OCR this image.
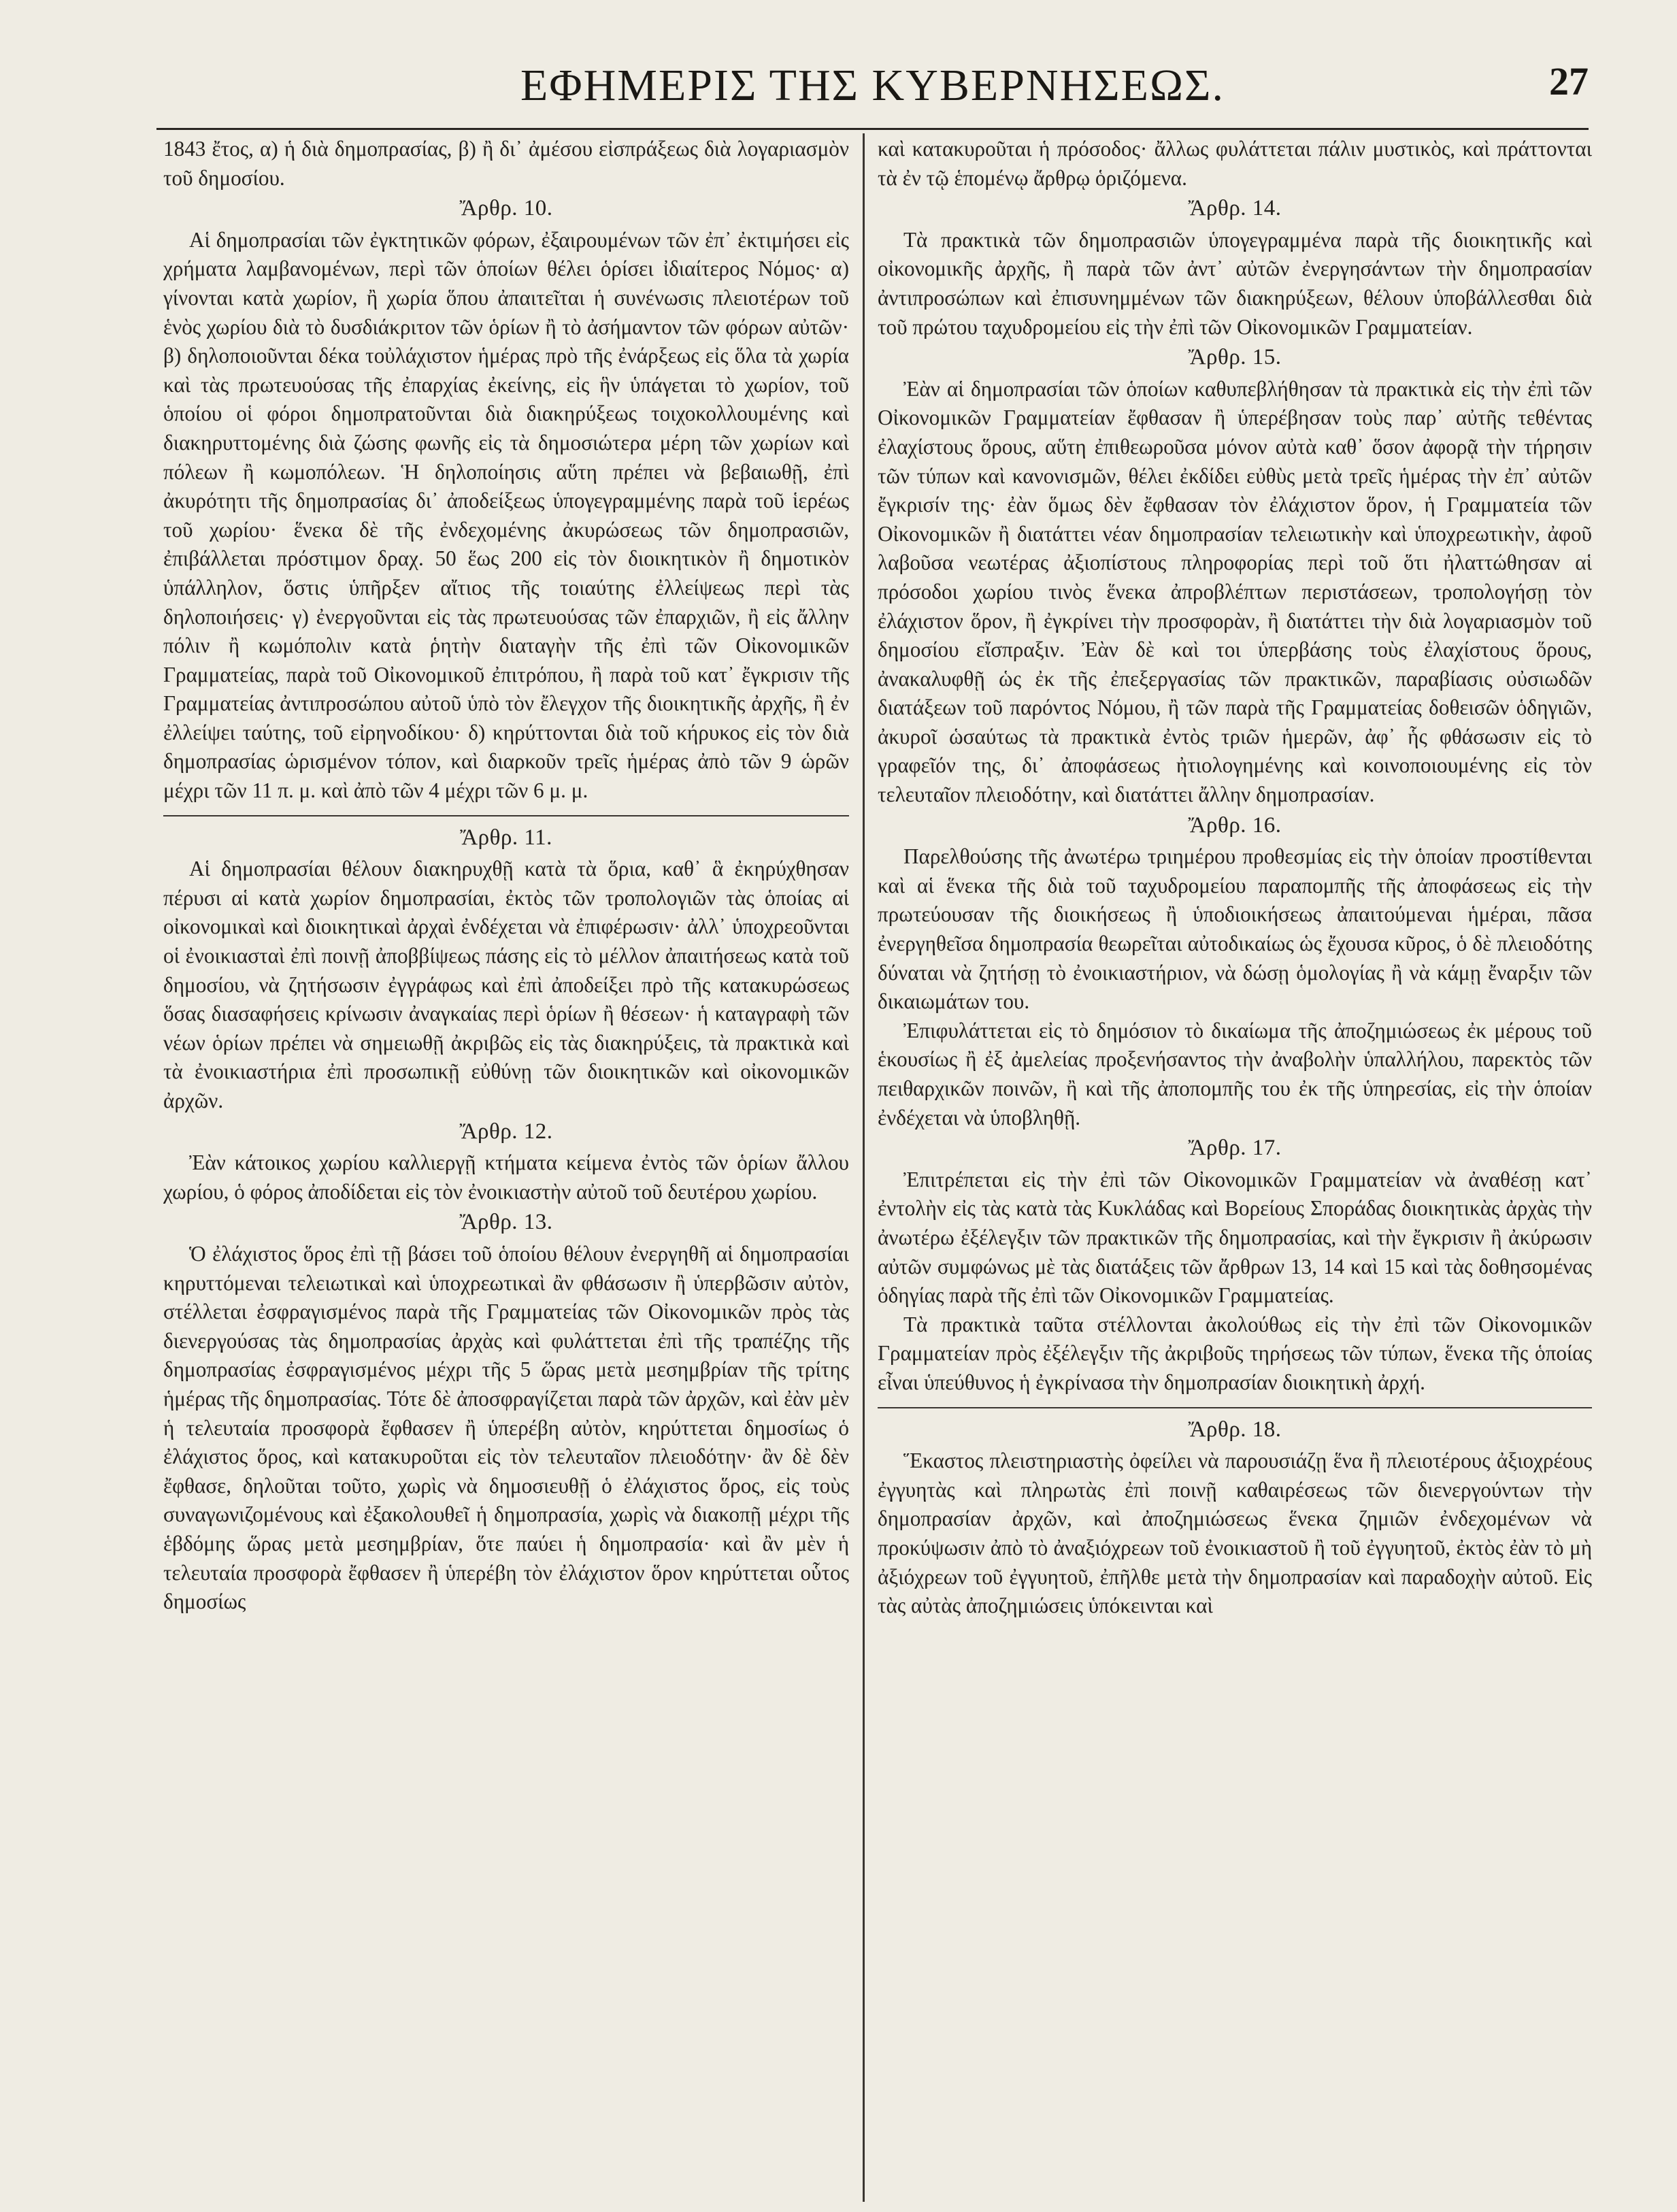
ΕΦΗΜΕΡΙΣ ΤΗΣ ΚΥΒΕΡΝΗΣΕΩΣ.	27

1843 ἔτος, α) ἡ διὰ δημοπρασίας, β) ἢ δι᾽ ἀμέσου εἰσπράξεως διὰ λογαριασμὸν τοῦ δημοσίου.

Ἄρθρ. 10.

Αἱ δημοπρασίαι τῶν ἐγκτητικῶν φόρων, ἐξαιρουμένων τῶν ἐπ᾽ ἐκτιμήσει εἰς χρήματα λαμβανομένων, περὶ τῶν ὁποίων θέλει ὁρίσει ἰδιαίτερος Νόμος· α) γίνονται κατὰ χωρίον, ἢ χωρία ὅπου ἀπαιτεῖται ἡ συνένωσις πλειοτέρων τοῦ ἑνὸς χωρίου διὰ τὸ δυσδιάκριτον τῶν ὁρίων ἢ τὸ ἀσήμαντον τῶν φόρων αὐτῶν· β) δηλοποιοῦνται δέκα τοὐλάχιστον ἡμέρας πρὸ τῆς ἐνάρξεως εἰς ὅλα τὰ χωρία καὶ τὰς πρωτευούσας τῆς ἐπαρχίας ἐκείνης, εἰς ἣν ὑπάγεται τὸ χωρίον, τοῦ ὁποίου οἱ φόροι δημοπρατοῦνται διὰ διακηρύξεως τοιχοκολλουμένης καὶ διακηρυττομένης διὰ ζώσης φωνῆς εἰς τὰ δημοσιώτερα μέρη τῶν χωρίων καὶ πόλεων ἢ κωμοπόλεων. Ἡ δηλοποίησις αὕτη πρέπει νὰ βεβαιωθῇ, ἐπὶ ἀκυρότητι τῆς δημοπρασίας δι᾽ ἀποδείξεως ὑπογεγραμμένης παρὰ τοῦ ἱερέως τοῦ χωρίου· ἕνεκα δὲ τῆς ἐνδεχομένης ἀκυρώσεως τῶν δημοπρασιῶν, ἐπιβάλλεται πρόστιμον δραχ. 50 ἕως 200 εἰς τὸν διοικητικὸν ἢ δημοτικὸν ὑπάλληλον, ὅστις ὑπῆρξεν αἴτιος τῆς τοιαύτης ἐλλείψεως περὶ τὰς δηλοποιήσεις· γ) ἐνεργοῦνται εἰς τὰς πρωτευούσας τῶν ἐπαρχιῶν, ἢ εἰς ἄλλην πόλιν ἢ κωμόπολιν κατὰ ῥητὴν διαταγὴν τῆς ἐπὶ τῶν Οἰκονομικῶν Γραμματείας, παρὰ τοῦ Οἰκονομικοῦ ἐπιτρόπου, ἢ παρὰ τοῦ κατ᾽ ἔγκρισιν τῆς Γραμματείας ἀντιπροσώπου αὐτοῦ ὑπὸ τὸν ἔλεγχον τῆς διοικητικῆς ἀρχῆς, ἢ ἐν ἐλλείψει ταύτης, τοῦ εἰρηνοδίκου· δ) κηρύττονται διὰ τοῦ κήρυκος εἰς τὸν διὰ δημοπρασίας ὡρισμένον τόπον, καὶ διαρκοῦν τρεῖς ἡμέρας ἀπὸ τῶν 9 ὡρῶν μέχρι τῶν 11 π. μ. καὶ ἀπὸ τῶν 4 μέχρι τῶν 6 μ. μ.

Ἄρθρ. 11.

Αἱ δημοπρασίαι θέλουν διακηρυχθῇ κατὰ τὰ ὅρια, καθ᾽ ἃ ἐκηρύχθησαν πέρυσι αἱ κατὰ χωρίον δημοπρασίαι, ἐκτὸς τῶν τροπολογιῶν τὰς ὁποίας αἱ οἰκονομικαὶ καὶ διοικητικαὶ ἀρχαὶ ἐνδέχεται νὰ ἐπιφέρωσιν· ἀλλ᾽ ὑποχρεοῦνται οἱ ἐνοικιασταὶ ἐπὶ ποινῇ ἀποββίψεως πάσης εἰς τὸ μέλλον ἀπαιτήσεως κατὰ τοῦ δημοσίου, νὰ ζητήσωσιν ἐγγράφως καὶ ἐπὶ ἀποδείξει πρὸ τῆς κατακυρώσεως ὅσας διασαφήσεις κρίνωσιν ἀναγκαίας περὶ ὁρίων ἢ θέσεων· ἡ καταγραφὴ τῶν νέων ὁρίων πρέπει νὰ σημειωθῇ ἀκριβῶς εἰς τὰς διακηρύξεις, τὰ πρακτικὰ καὶ τὰ ἐνοικιαστήρια ἐπὶ προσωπικῇ εὐθύνῃ τῶν διοικητικῶν καὶ οἰκονομικῶν ἀρχῶν.

Ἄρθρ. 12.

Ἐὰν κάτοικος χωρίου καλλιεργῇ κτήματα κείμενα ἐντὸς τῶν ὁρίων ἄλλου χωρίου, ὁ φόρος ἀποδίδεται εἰς τὸν ἐνοικιαστὴν αὐτοῦ τοῦ δευτέρου χωρίου.

Ἄρθρ. 13.

Ὁ ἐλάχιστος ὅρος ἐπὶ τῇ βάσει τοῦ ὁποίου θέλουν ἐνεργηθῆ αἱ δημοπρασίαι κηρυττόμεναι τελειωτικαὶ καὶ ὑποχρεωτικαὶ ἂν φθάσωσιν ἢ ὑπερβῶσιν αὐτὸν, στέλλεται ἐσφραγισμένος παρὰ τῆς Γραμματείας τῶν Οἰκονομικῶν πρὸς τὰς διενεργούσας τὰς δημοπρασίας ἀρχὰς καὶ φυλάττεται ἐπὶ τῆς τραπέζης τῆς δημοπρασίας ἐσφραγισμένος μέχρι τῆς 5 ὥρας μετὰ μεσημβρίαν τῆς τρίτης ἡμέρας τῆς δημοπρασίας. Τότε δὲ ἀποσφραγίζεται παρὰ τῶν ἀρχῶν, καὶ ἐὰν μὲν ἡ τελευταία προσφορὰ ἔφθασεν ἢ ὑπερέβη αὐτὸν, κηρύττεται δημοσίως ὁ ἐλάχιστος ὅρος, καὶ κατακυροῦται εἰς τὸν τελευταῖον πλειοδότην· ἂν δὲ δὲν ἔφθασε, δηλοῦται τοῦτο, χωρὶς νὰ δημοσιευθῇ ὁ ἐλάχιστος ὅρος, εἰς τοὺς συναγωνιζομένους καὶ ἐξακολουθεῖ ἡ δημοπρασία, χωρὶς νὰ διακοπῇ μέχρι τῆς ἑβδόμης ὥρας μετὰ μεσημβρίαν, ὅτε παύει ἡ δημοπρασία· καὶ ἂν μὲν ἡ τελευταία προσφορὰ ἔφθασεν ἢ ὑπερέβη τὸν ἐλάχιστον ὅρον κηρύττεται οὗτος δημοσίως

καὶ κατακυροῦται ἡ πρόσοδος· ἄλλως φυλάττεται πάλιν μυστικὸς, καὶ πράττονται τὰ ἐν τῷ ἑπομένῳ ἄρθρῳ ὁριζόμενα.

Ἄρθρ. 14.

Τὰ πρακτικὰ τῶν δημοπρασιῶν ὑπογεγραμμένα παρὰ τῆς διοικητικῆς καὶ οἰκονομικῆς ἀρχῆς, ἢ παρὰ τῶν ἀντ᾽ αὐτῶν ἐνεργησάντων τὴν δημοπρασίαν ἀντιπροσώπων καὶ ἐπισυνημμένων τῶν διακηρύξεων, θέλουν ὑποβάλλεσθαι διὰ τοῦ πρώτου ταχυδρομείου εἰς τὴν ἐπὶ τῶν Οἰκονομικῶν Γραμματείαν.

Ἄρθρ. 15.

Ἐὰν αἱ δημοπρασίαι τῶν ὁποίων καθυπεβλήθησαν τὰ πρακτικὰ εἰς τὴν ἐπὶ τῶν Οἰκονομικῶν Γραμματείαν ἔφθασαν ἢ ὑπερέβησαν τοὺς παρ᾽ αὐτῆς τεθέντας ἐλαχίστους ὅρους, αὕτη ἐπιθεωροῦσα μόνον αὐτὰ καθ᾽ ὅσον ἀφορᾷ τὴν τήρησιν τῶν τύπων καὶ κανονισμῶν, θέλει ἐκδίδει εὐθὺς μετὰ τρεῖς ἡμέρας τὴν ἐπ᾽ αὐτῶν ἔγκρισίν της· ἐὰν ὅμως δὲν ἔφθασαν τὸν ἐλάχιστον ὅρον, ἡ Γραμματεία τῶν Οἰκονομικῶν ἢ διατάττει νέαν δημοπρασίαν τελειωτικὴν καὶ ὑποχρεωτικὴν, ἀφοῦ λαβοῦσα νεωτέρας ἀξιοπίστους πληροφορίας περὶ τοῦ ὅτι ἠλαττώθησαν αἱ πρόσοδοι χωρίου τινὸς ἕνεκα ἀπροβλέπτων περιστάσεων, τροπολογήσῃ τὸν ἐλάχιστον ὅρον, ἢ ἐγκρίνει τὴν προσφορὰν, ἢ διατάττει τὴν διὰ λογαριασμὸν τοῦ δημοσίου εἴσπραξιν. Ἐὰν δὲ καὶ τοι ὑπερβάσης τοὺς ἐλαχίστους ὅρους, ἀνακαλυφθῇ ὡς ἐκ τῆς ἐπεξεργασίας τῶν πρακτικῶν, παραβίασις οὐσιωδῶν διατάξεων τοῦ παρόντος Νόμου, ἢ τῶν παρὰ τῆς Γραμματείας δοθεισῶν ὁδηγιῶν, ἀκυροῖ ὡσαύτως τὰ πρακτικὰ ἐντὸς τριῶν ἡμερῶν, ἀφ᾽ ἧς φθάσωσιν εἰς τὸ γραφεῖόν της, δι᾽ ἀποφάσεως ἠτιολογημένης καὶ κοινοποιουμένης εἰς τὸν τελευταῖον πλειοδότην, καὶ διατάττει ἄλλην δημοπρασίαν.

Ἄρθρ. 16.

Παρελθούσης τῆς ἀνωτέρω τριημέρου προθεσμίας εἰς τὴν ὁποίαν προστίθενται καὶ αἱ ἕνεκα τῆς διὰ τοῦ ταχυδρομείου παραπομπῆς τῆς ἀποφάσεως εἰς τὴν πρωτεύουσαν τῆς διοικήσεως ἢ ὑποδιοικήσεως ἀπαιτούμεναι ἡμέραι, πᾶσα ἐνεργηθεῖσα δημοπρασία θεωρεῖται αὐτοδικαίως ὡς ἔχουσα κῦρος, ὁ δὲ πλειοδότης δύναται νὰ ζητήσῃ τὸ ἐνοικιαστήριον, νὰ δώσῃ ὁμολογίας ἢ νὰ κάμῃ ἔναρξιν τῶν δικαιωμάτων του.

Ἐπιφυλάττεται εἰς τὸ δημόσιον τὸ δικαίωμα τῆς ἀποζημιώσεως ἐκ μέρους τοῦ ἑκουσίως ἢ ἐξ ἀμελείας προξενήσαντος τὴν ἀναβολὴν ὑπαλλήλου, παρεκτὸς τῶν πειθαρχικῶν ποινῶν, ἢ καὶ τῆς ἀποπομπῆς του ἐκ τῆς ὑπηρεσίας, εἰς τὴν ὁποίαν ἐνδέχεται νὰ ὑποβληθῇ.

Ἄρθρ. 17.

Ἐπιτρέπεται εἰς τὴν ἐπὶ τῶν Οἰκονομικῶν Γραμματείαν νὰ ἀναθέσῃ κατ᾽ ἐντολὴν εἰς τὰς κατὰ τὰς Κυκλάδας καὶ Βορείους Σποράδας διοικητικὰς ἀρχὰς τὴν ἀνωτέρω ἐξέλεγξιν τῶν πρακτικῶν τῆς δημοπρασίας, καὶ τὴν ἔγκρισιν ἢ ἀκύρωσιν αὐτῶν συμφώνως μὲ τὰς διατάξεις τῶν ἄρθρων 13, 14 καὶ 15 καὶ τὰς δοθησομένας ὁδηγίας παρὰ τῆς ἐπὶ τῶν Οἰκονομικῶν Γραμματείας.

Τὰ πρακτικὰ ταῦτα στέλλονται ἀκολούθως εἰς τὴν ἐπὶ τῶν Οἰκονομικῶν Γραμματείαν πρὸς ἐξέλεγξιν τῆς ἀκριβοῦς τηρήσεως τῶν τύπων, ἕνεκα τῆς ὁποίας εἶναι ὑπεύθυνος ἡ ἐγκρίνασα τὴν δημοπρασίαν διοικητικὴ ἀρχή.

Ἄρθρ. 18.

Ἕκαστος πλειστηριαστὴς ὀφείλει νὰ παρουσιάζῃ ἕνα ἢ πλειοτέρους ἀξιοχρέους ἐγγυητὰς καὶ πληρωτὰς ἐπὶ ποινῇ καθαιρέσεως τῶν διενεργούντων τὴν δημοπρασίαν ἀρχῶν, καὶ ἀποζημιώσεως ἕνεκα ζημιῶν ἐνδεχομένων νὰ προκύψωσιν ἀπὸ τὸ ἀναξιόχρεων τοῦ ἐνοικιαστοῦ ἢ τοῦ ἐγγυητοῦ, ἐκτὸς ἐὰν τὸ μὴ ἀξιόχρεων τοῦ ἐγγυητοῦ, ἐπῆλθε μετὰ τὴν δημοπρασίαν καὶ παραδοχὴν αὐτοῦ. Εἰς τὰς αὐτὰς ἀποζημιώσεις ὑπόκεινται καὶ
